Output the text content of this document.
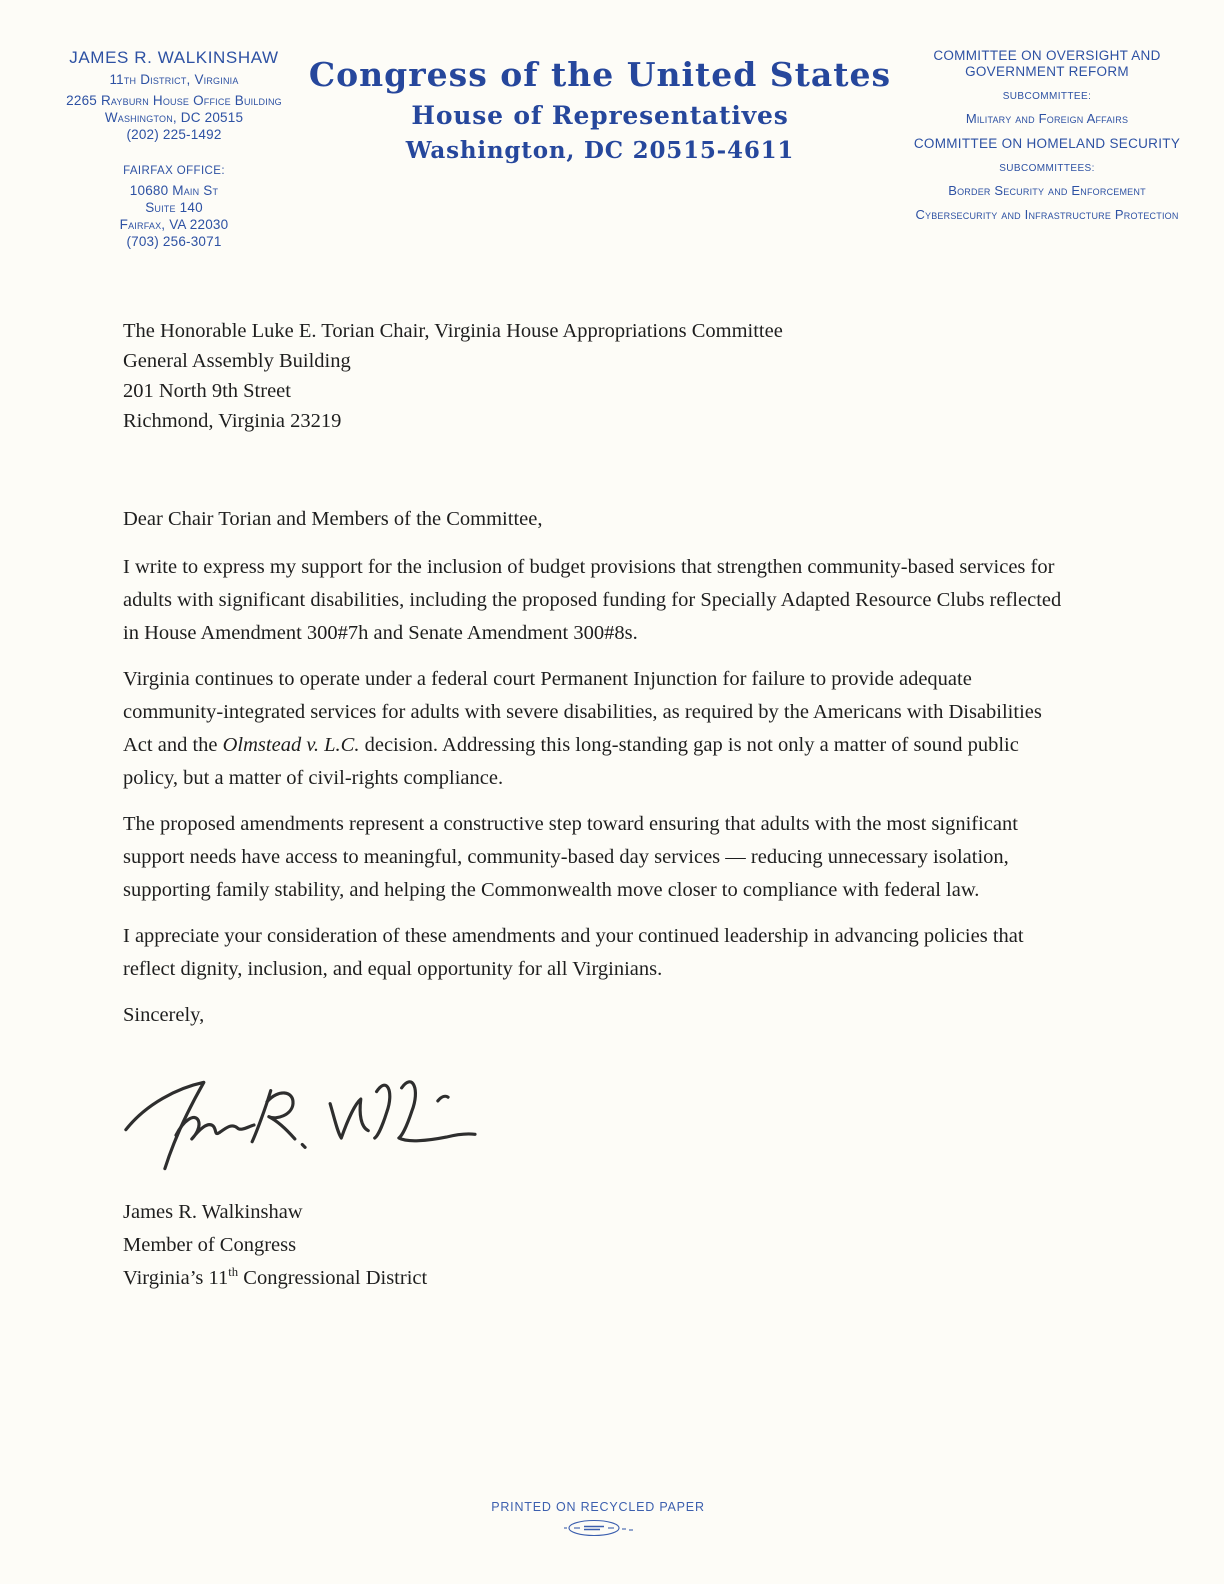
JAMES R. WALKINSHAW
11th District, Virginia
2265 Rayburn House Office Building
Washington, DC 20515
(202) 225-1492
FAIRFAX OFFICE:
10680 Main St
Suite 140
Fairfax, VA 22030
(703) 256-3071
Congress of the United States
House of Representatives
Washington, DC 20515-4611
COMMITTEE ON OVERSIGHT AND GOVERNMENT REFORM
SUBCOMMITTEE:
Military and Foreign Affairs
COMMITTEE ON HOMELAND SECURITY
SUBCOMMITTEES:
Border Security and Enforcement
Cybersecurity and Infrastructure Protection
The Honorable Luke E. Torian Chair, Virginia House Appropriations Committee
General Assembly Building
201 North 9th Street
Richmond, Virginia 23219
Dear Chair Torian and Members of the Committee,

I write to express my support for the inclusion of budget provisions that strengthen community-based services for adults with significant disabilities, including the proposed funding for Specially Adapted Resource Clubs reflected in House Amendment 300#7h and Senate Amendment 300#8s.

Virginia continues to operate under a federal court Permanent Injunction for failure to provide adequate community-integrated services for adults with severe disabilities, as required by the Americans with Disabilities Act and the Olmstead v. L.C. decision. Addressing this long-standing gap is not only a matter of sound public policy, but a matter of civil-rights compliance.

The proposed amendments represent a constructive step toward ensuring that adults with the most significant support needs have access to meaningful, community-based day services — reducing unnecessary isolation, supporting family stability, and helping the Commonwealth move closer to compliance with federal law.

I appreciate your consideration of these amendments and your continued leadership in advancing policies that reflect dignity, inclusion, and equal opportunity for all Virginians.

Sincerely,
James R. Walkinshaw
Member of Congress
Virginia’s 11th Congressional District
PRINTED ON RECYCLED PAPER
